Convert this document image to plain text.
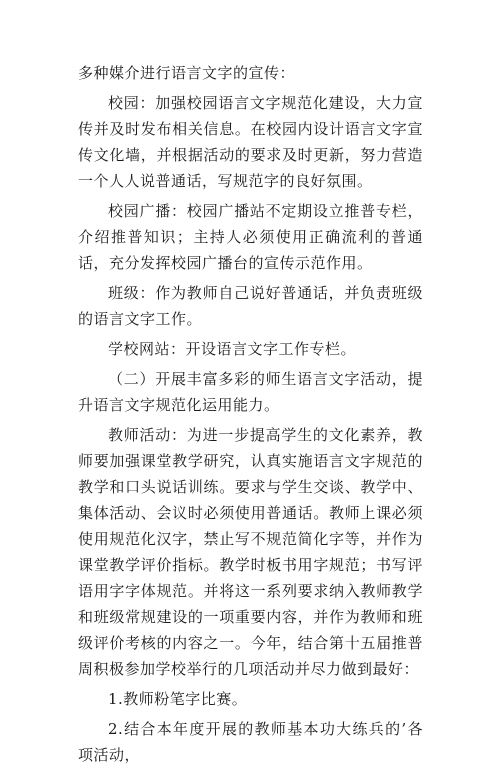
多种媒介进行语言文字的宣传：

校园：加强校园语言文字规范化建设，大力宣传并及时发布相关信息。在校园内设计语言文字宣传文化墙，并根据活动的要求及时更新，努力营造一个人人说普通话，写规范字的良好氛围。

校园广播：校园广播站不定期设立推普专栏，介绍推普知识；主持人必须使用正确流利的普通话，充分发挥校园广播台的宣传示范作用。

班级：作为教师自己说好普通话，并负责班级的语言文字工作。

学校网站：开设语言文字工作专栏。

（二）开展丰富多彩的师生语言文字活动，提升语言文字规范化运用能力。

教师活动：为进一步提高学生的文化素养，教师要加强课堂教学研究，认真实施语言文字规范的教学和口头说话训练。要求与学生交谈、教学中、集体活动、会议时必须使用普通话。教师上课必须使用规范化汉字，禁止写不规范简化字等，并作为课堂教学评价指标。教学时板书用字规范；书写评语用字字体规范。并将这一系列要求纳入教师教学和班级常规建设的一项重要内容，并作为教师和班级评价考核的内容之一。今年，结合第十五届推普周积极参加学校举行的几项活动并尽力做到最好：

1.教师粉笔字比赛。

2.结合本年度开展的教师基本功大练兵的’各项活动，
